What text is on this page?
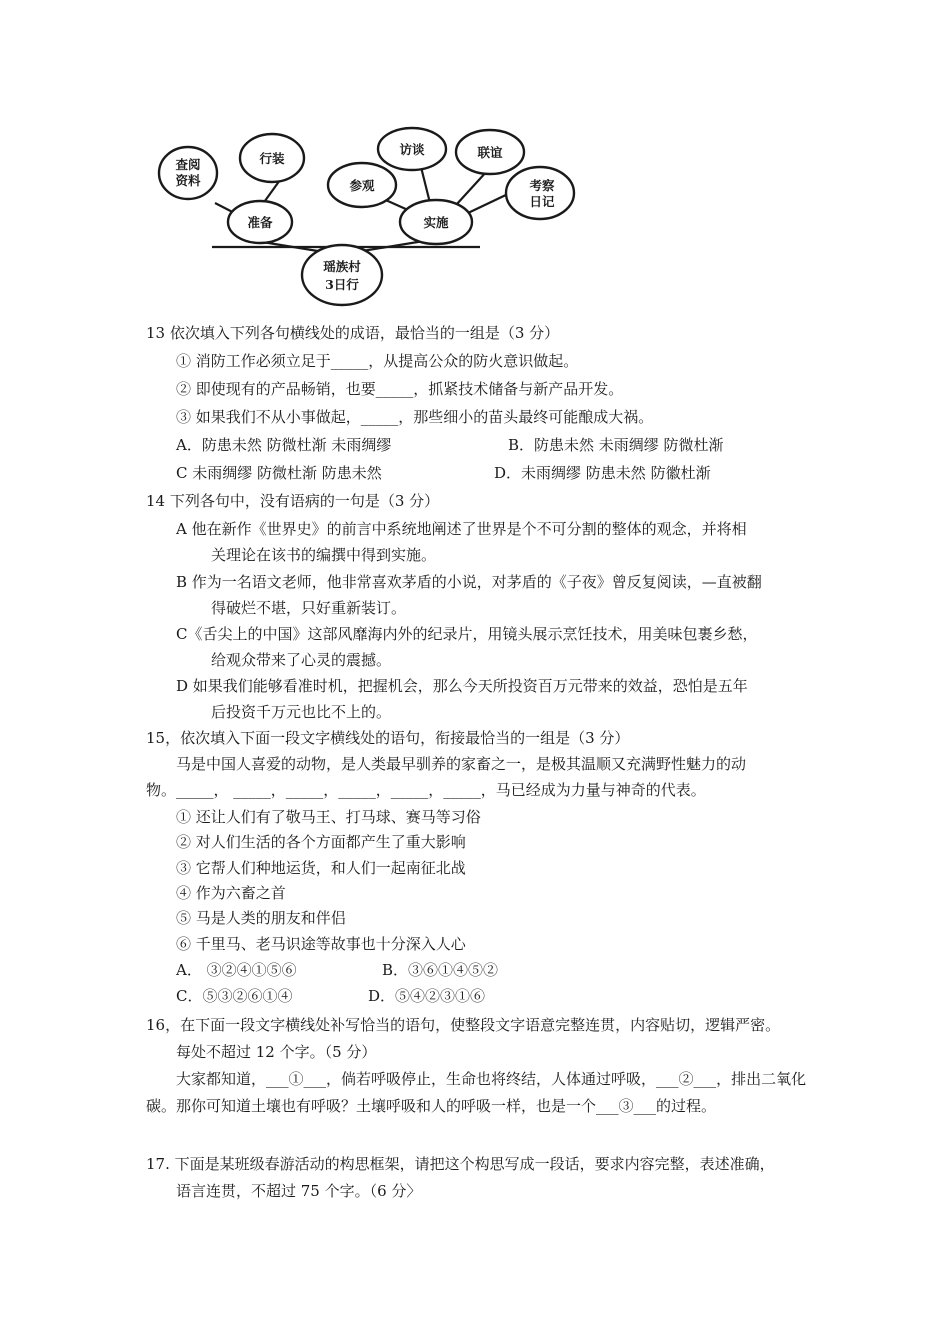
查阅
资料
行装
准备
访谈	联谊
参观	考察
日记
实施
瑶族村
3日行
13 依次填入下列各句横线处的成语，最恰当的一组是（3 分）
① 消防工作必须立足于_____，从提高公众的防火意识做起。
② 即使现有的产品畅销，也要_____，抓紧技术储备与新产品开发。
③ 如果我们不从小事做起，_____，那些细小的苗头最终可能酿成大祸。
A．防患未然 防微杜渐 未雨绸缪	B．防患未然 未雨绸缪 防微杜渐
C 未雨绸缪 防微杜渐 防患未然	D．未雨绸缪 防患未然 防徽杜渐
14 下列各句中，没有语病的一句是（3 分）
A 他在新作《世界史》的前言中系统地阐述了世界是个不可分割的整体的观念，并将相
关理论在该书的编撰中得到实施。
B 作为一名语文老师，他非常喜欢茅盾的小说，对茅盾的《子夜》曾反复阅读，—直被翻
得破烂不堪，只好重新装订。
C《舌尖上的中国》这部风靡海内外的纪录片，用镜头展示烹饪技术，用美味包裹乡愁，
给观众带来了心灵的震撼。
D 如果我们能够看准时机，把握机会，那么今天所投资百万元带来的效益，恐怕是五年
后投资千万元也比不上的。
15，依次填入下面一段文字横线处的语句，衔接最恰当的一组是（3 分）
马是中国人喜爱的动物，是人类最早驯养的家畜之一，是极其温顺又充满野性魅力的动
物。_____， _____，_____，_____，_____，_____，马已经成为力量与神奇的代表。
① 还让人们有了敬马王、打马球、赛马等习俗
② 对人们生活的各个方面都产生了重大影响
③ 它帮人们种地运货，和人们一起南征北战
④ 作为六畜之首
⑤ 马是人类的朋友和伴侣
⑥ 千里马、老马识途等故事也十分深入人心
A． ③②④①⑤⑥	B．③⑥①④⑤②
C．⑤③②⑥①④	D．⑤④②③①⑥
16，在下面一段文字横线处补写恰当的语句，使整段文字语意完整连贯，内容贴切，逻辑严密。
每处不超过 12 个字。（5 分）
大家都知道，___①___，倘若呼吸停止，生命也将终结，人体通过呼吸，___②___，排出二氧化
碳。那你可知道土壤也有呼吸？土壤呼吸和人的呼吸一样，也是一个___③___的过程。
17. 下面是某班级春游活动的构思框架，请把这个构思写成一段话，要求内容完整，表述准确，
语言连贯，不超过 75 个字。（6 分〉
